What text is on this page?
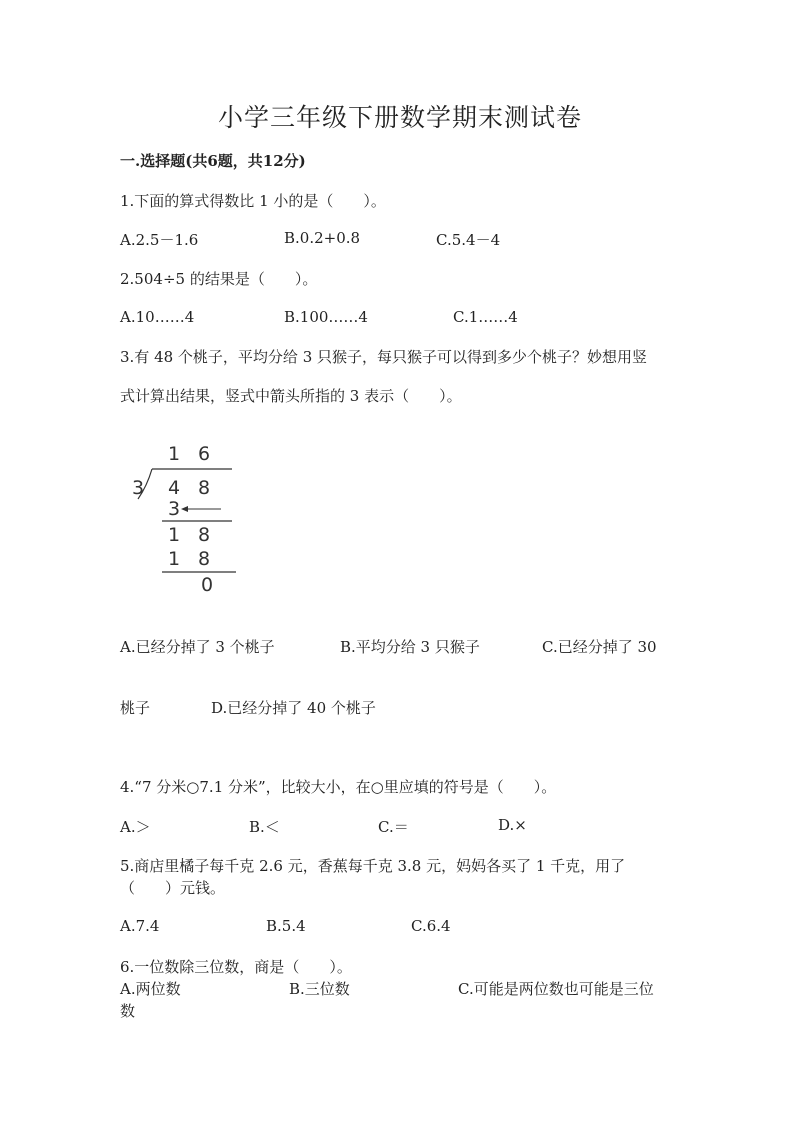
小学三年级下册数学期末测试卷
一.选择题(共6题，共12分)
1.下面的算式得数比 1 小的是（　　）。
A.2.5－1.6	B.0.2+0.8	C.5.4－4
2.504÷5 的结果是（　　）。
A.10……4	B.100……4	C.1……4
3.有 48 个桃子，平均分给 3 只猴子，每只猴子可以得到多少个桃子？妙想用竖
式计算出结果，竖式中箭头所指的 3 表示（　　）。
1 6
3 4 8
3
1 8
1 8
0
A.已经分掉了 3 个桃子	B.平均分给 3 只猴子	C.已经分掉了 30
桃子	D.已经分掉了 40 个桃子
4.“7 分米○7.1 分米”，比较大小，在○里应填的符号是（　　）。
A.＞	B.＜	C.＝	D.×
5.商店里橘子每千克 2.6 元，香蕉每千克 3.8 元，妈妈各买了 1 千克，用了
（　　）元钱。
A.7.4	B.5.4	C.6.4
6.一位数除三位数，商是（　　）。
A.两位数	B.三位数	C.可能是两位数也可能是三位
数
